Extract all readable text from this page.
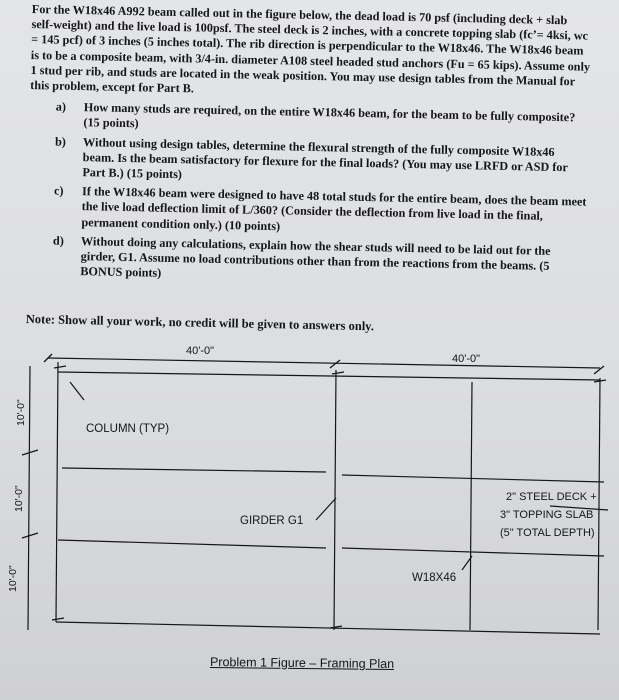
For the W18x46 A992 beam called out in the figure below, the dead load is 70 psf (including deck + slab self-weight) and the live load is 100psf. The steel deck is 2 inches, with a concrete topping slab (fc’= 4ksi, wc = 145 pcf) of 3 inches (5 inches total). The rib direction is perpendicular to the W18x46. The W18x46 beam is to be a composite beam, with 3/4-in. diameter A108 steel headed stud anchors (Fu = 65 kips). Assume only 1 stud per rib, and studs are located in the weak position. You may use design tables from the Manual for this problem, except for Part B.

a)	How many studs are required, on the entire W18x46 beam, for the beam to be fully composite? (15 points)
b)	Without using design tables, determine the flexural strength of the fully composite W18x46 beam. Is the beam satisfactory for flexure for the final loads? (You may use LRFD or ASD for Part B.) (15 points)
c)	If the W18x46 beam were designed to have 48 total studs for the entire beam, does the beam meet the live load deflection limit of L/360? (Consider the deflection from live load in the final, permanent condition only.) (10 points)
d)	Without doing any calculations, explain how the shear studs will need to be laid out for the girder, G1. Assume no load contributions other than from the reactions from the beams. (5 BONUS points)
Note: Show all your work, no credit will be given to answers only.
40'-0"
40'-0"
10'-0"
10'-0"
10'-0"
COLUMN (TYP)
GIRDER G1
W18X46
2" STEEL DECK +
3" TOPPING SLAB
(5" TOTAL DEPTH)
Problem 1 Figure – Framing Plan
